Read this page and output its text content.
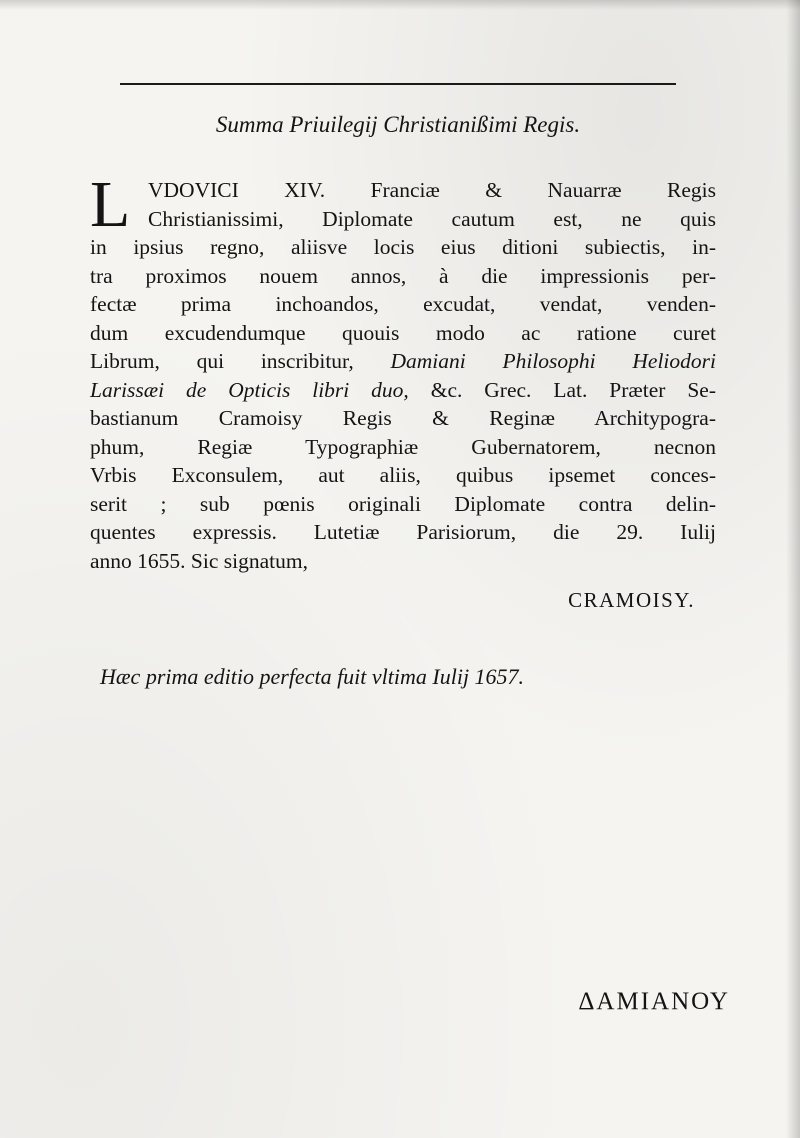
Summa Priuilegij Christianißimi Regis.
L VDOVICI XIV. Franciæ & Nauarræ Regis
Christianissimi, Diplomate cautum est, ne quis
in ipsius regno, aliisve locis eius ditioni subiectis, in-
tra proximos nouem annos, à die impressionis per-
fectæ prima inchoandos, excudat, vendat, venden-
dum excudendumque quouis modo ac ratione curet
Librum, qui inscribitur, Damiani Philosophi Heliodori
Larissæi de Opticis libri duo, &c. Grec. Lat. Præter Se-
bastianum Cramoisy Regis & Reginæ Architypogra-
phum, Regiæ Typographiæ Gubernatorem, necnon
Vrbis Exconsulem, aut aliis, quibus ipsemet conces-
serit ; sub pœnis originali Diplomate contra delin-
quentes expressis. Lutetiæ Parisiorum, die 29. Iulij
anno 1655. Sic signatum,
CRAMOISY.
Hæc prima editio perfecta fuit vltima Iulij 1657.
ΔΑΜΙΑΝΟΥ
